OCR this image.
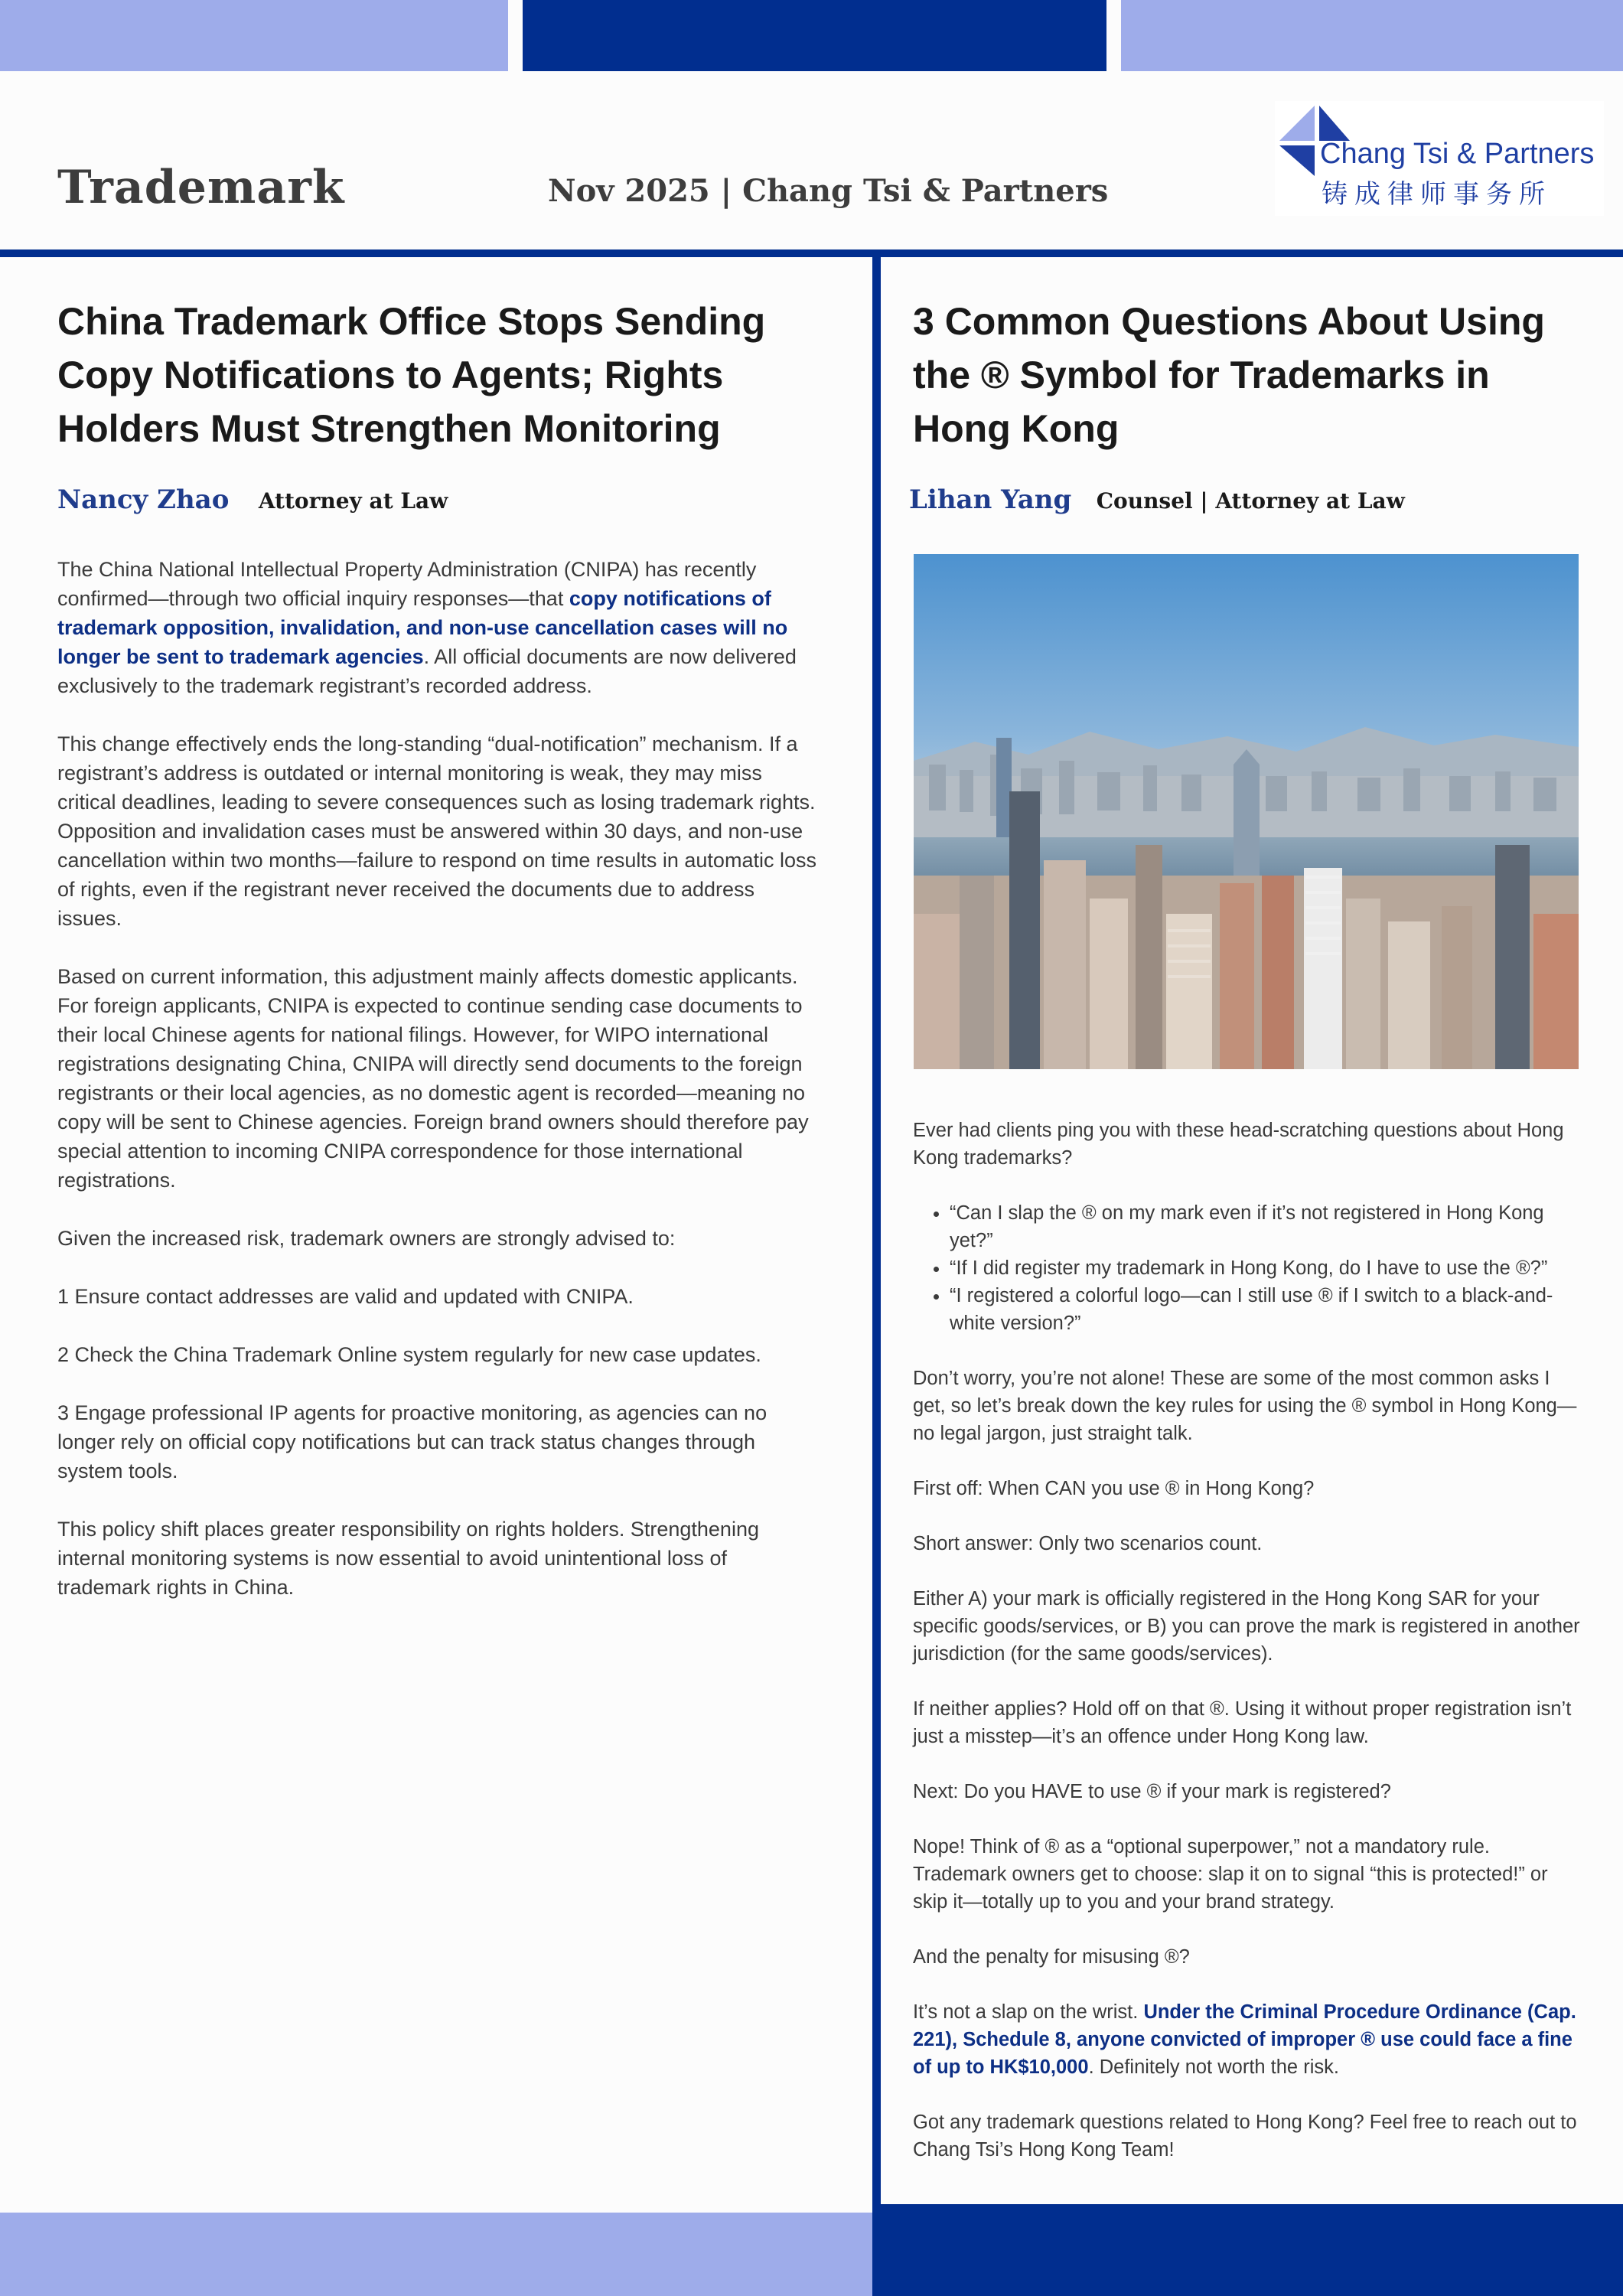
Trademark	Nov 2025 | Chang Tsi & Partners
Chang Tsi & Partners
铸成律师事务所
China Trademark Office Stops Sending Copy Notifications to Agents; Rights Holders Must Strengthen Monitoring
Nancy Zhao Attorney at Law

The China National Intellectual Property Administration (CNIPA) has recently confirmed—through two official inquiry responses—that copy notifications of trademark opposition, invalidation, and non-use cancellation cases will no longer be sent to trademark agencies. All official documents are now delivered exclusively to the trademark registrant’s recorded address.

This change effectively ends the long-standing “dual-notification” mechanism. If a registrant’s address is outdated or internal monitoring is weak, they may miss critical deadlines, leading to severe consequences such as losing trademark rights. Opposition and invalidation cases must be answered within 30 days, and non-use cancellation within two months—failure to respond on time results in automatic loss of rights, even if the registrant never received the documents due to address issues.

Based on current information, this adjustment mainly affects domestic applicants. For foreign applicants, CNIPA is expected to continue sending case documents to their local Chinese agents for national filings. However, for WIPO international registrations designating China, CNIPA will directly send documents to the foreign registrants or their local agencies, as no domestic agent is recorded—meaning no copy will be sent to Chinese agencies. Foreign brand owners should therefore pay special attention to incoming CNIPA correspondence for those international registrations.

Given the increased risk, trademark owners are strongly advised to:

1 Ensure contact addresses are valid and updated with CNIPA.

2 Check the China Trademark Online system regularly for new case updates.

3 Engage professional IP agents for proactive monitoring, as agencies can no longer rely on official copy notifications but can track status changes through system tools.

This policy shift places greater responsibility on rights holders. Strengthening internal monitoring systems is now essential to avoid unintentional loss of trademark rights in China.

3 Common Questions About Using the ® Symbol for Trademarks in Hong Kong
Lihan Yang Counsel | Attorney at Law

Ever had clients ping you with these head-scratching questions about Hong Kong trademarks?

• “Can I slap the ® on my mark even if it’s not registered in Hong Kong yet?”
• “If I did register my trademark in Hong Kong, do I have to use the ®?”
• “I registered a colorful logo—can I still use ® if I switch to a black-and-white version?”

Don’t worry, you’re not alone! These are some of the most common asks I get, so let’s break down the key rules for using the ® symbol in Hong Kong—no legal jargon, just straight talk.

First off: When CAN you use ® in Hong Kong?

Short answer: Only two scenarios count.

Either A) your mark is officially registered in the Hong Kong SAR for your specific goods/services, or B) you can prove the mark is registered in another jurisdiction (for the same goods/services).

If neither applies? Hold off on that ®. Using it without proper registration isn’t just a misstep—it’s an offence under Hong Kong law.

Next: Do you HAVE to use ® if your mark is registered?

Nope! Think of ® as a “optional superpower,” not a mandatory rule. Trademark owners get to choose: slap it on to signal “this is protected!” or skip it—totally up to you and your brand strategy.

And the penalty for misusing ®?

It’s not a slap on the wrist. Under the Criminal Procedure Ordinance (Cap. 221), Schedule 8, anyone convicted of improper ® use could face a fine of up to HK$10,000. Definitely not worth the risk.

Got any trademark questions related to Hong Kong? Feel free to reach out to Chang Tsi’s Hong Kong Team!
